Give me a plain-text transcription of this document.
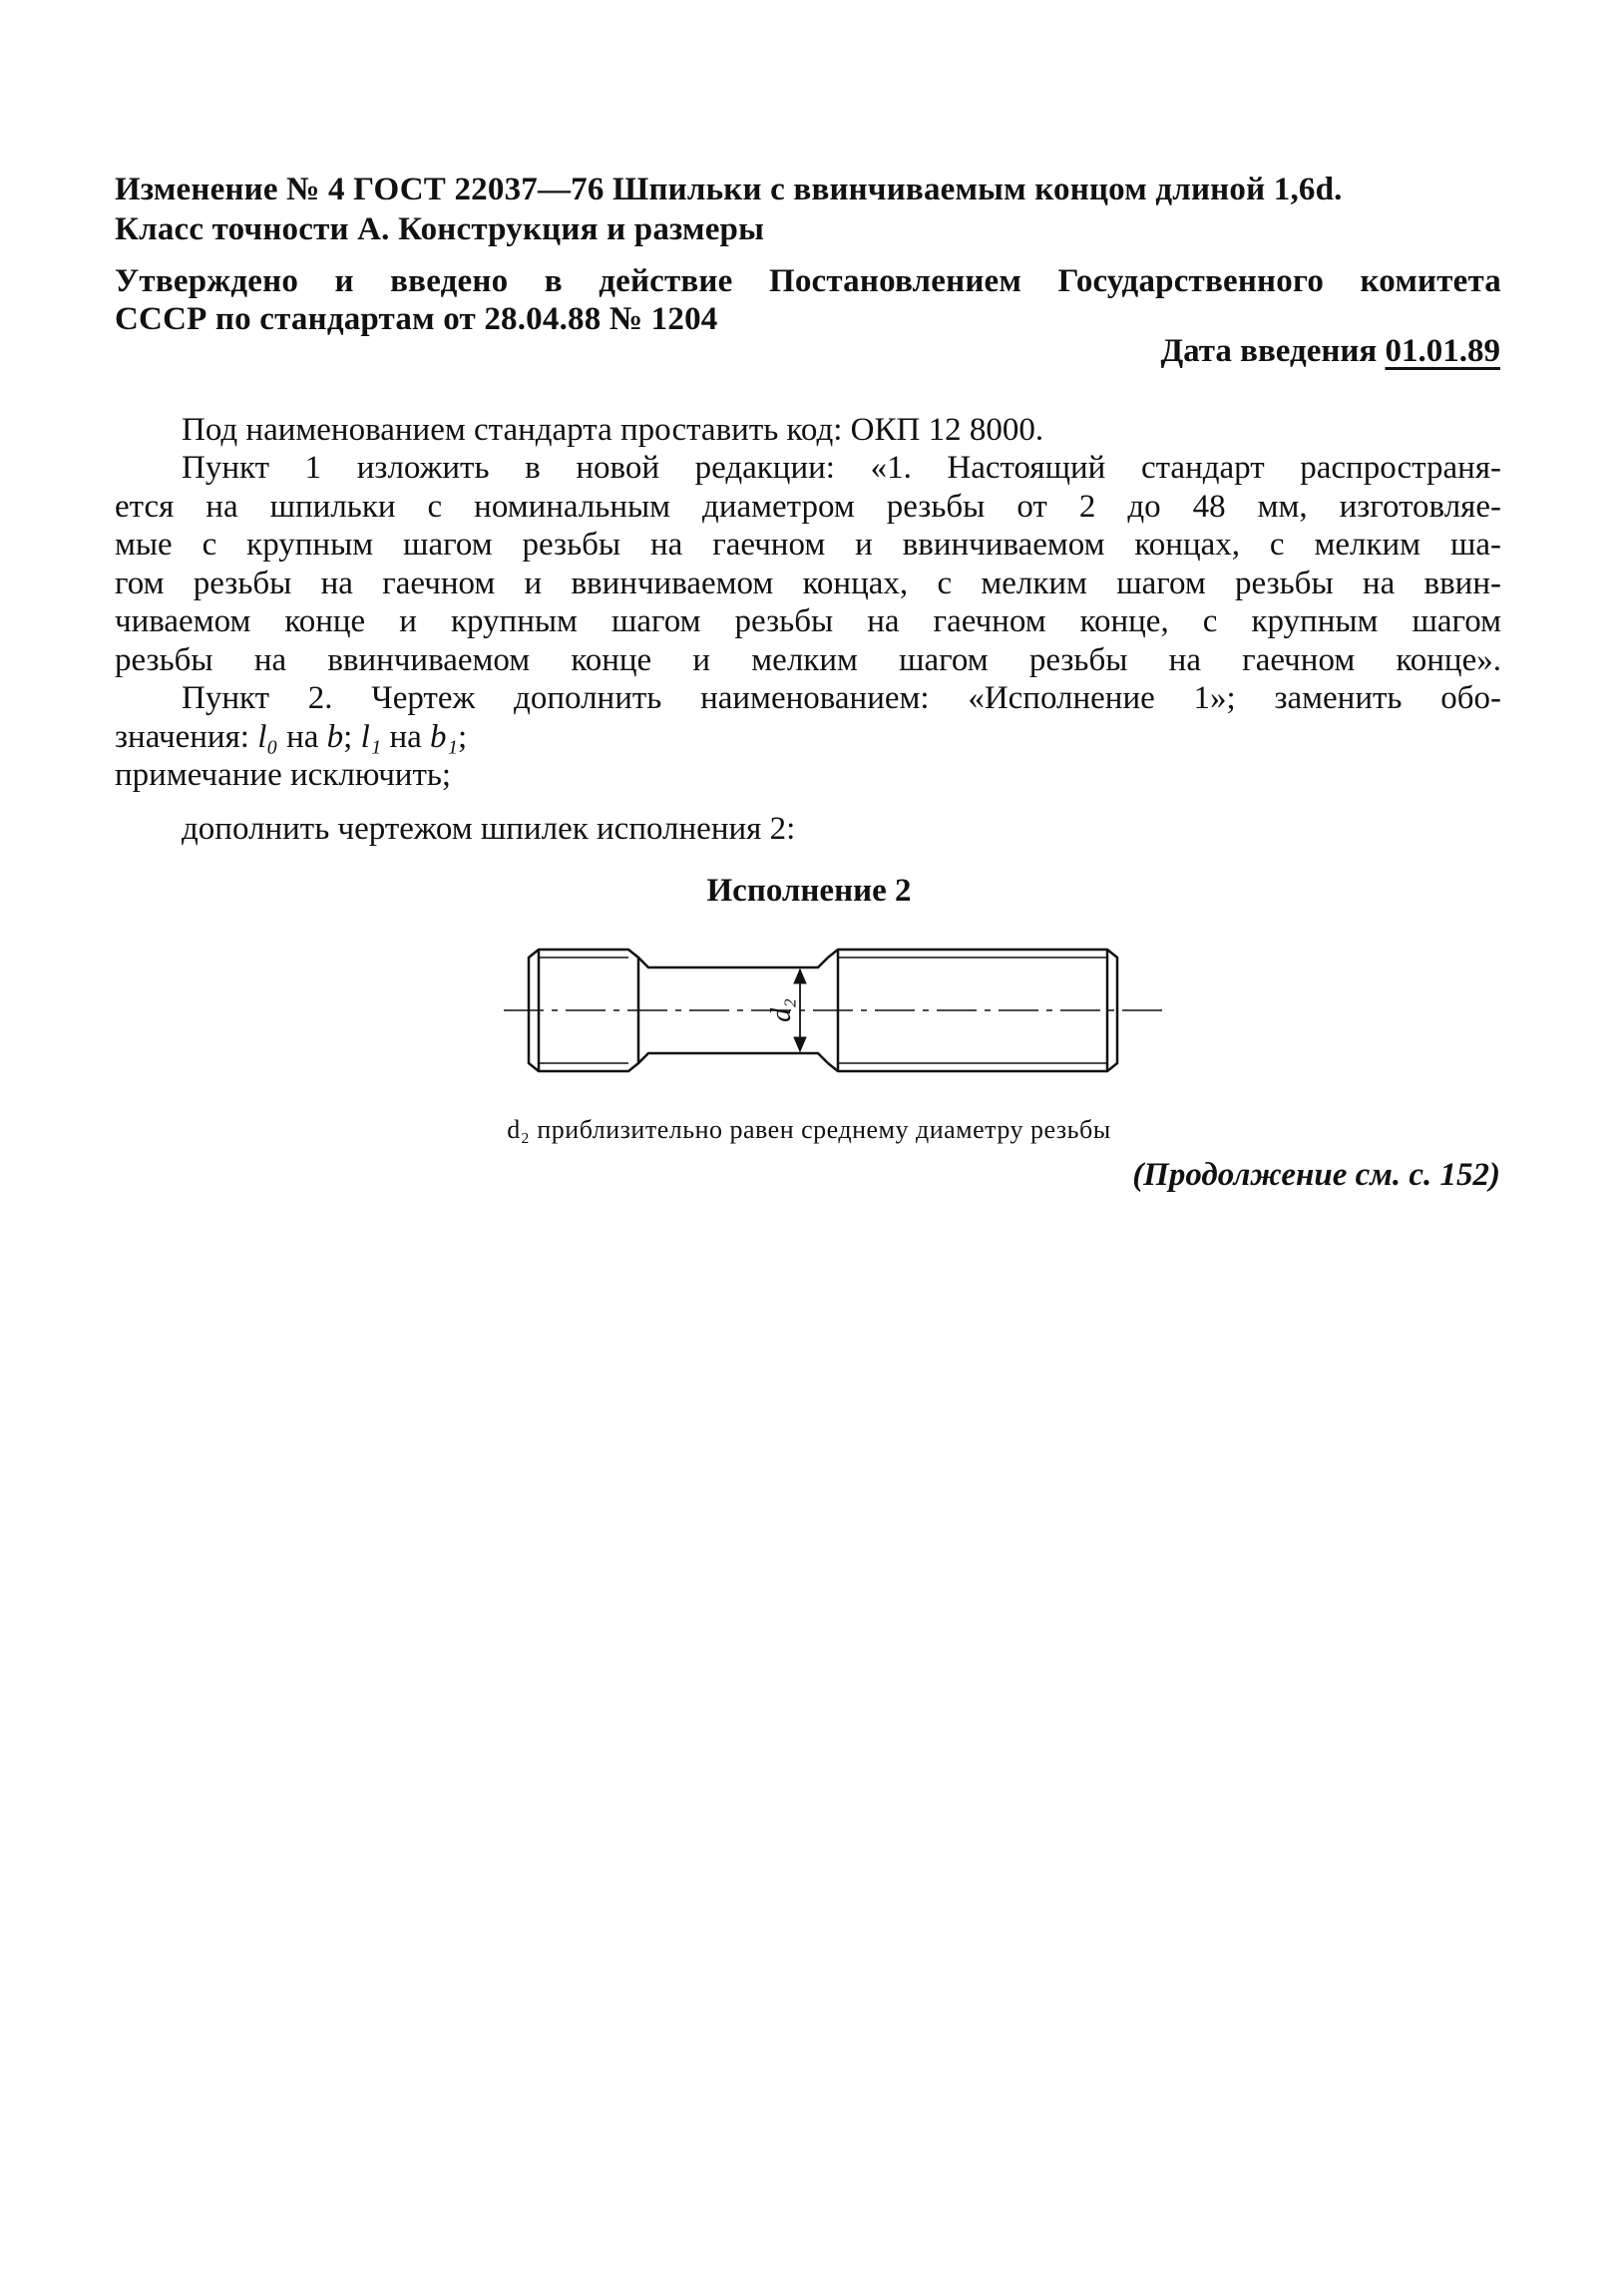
Изменение № 4 ГОСТ 22037—76 Шпильки с ввинчиваемым концом длиной 1,6d.
Класс точности А. Конструкция и размеры
Утверждено и введено в действие Постановлением Государственного комитета
СССР по стандартам от 28.04.88 № 1204
Дата введения 01.01.89
Под наименованием стандарта проставить код: ОКП 12 8000.
Пункт 1 изложить в новой редакции: «1. Настоящий стандарт распространя-
ется на шпильки с номинальным диаметром резьбы от 2 до 48 мм, изготовляе-
мые с крупным шагом резьбы на гаечном и ввинчиваемом концах, с мелким ша-
гом резьбы на гаечном и ввинчиваемом концах, с мелким шагом резьбы на ввин-
чиваемом конце и крупным шагом резьбы на гаечном конце, с крупным шагом
резьбы на ввинчиваемом конце и мелким шагом резьбы на гаечном конце».
Пункт 2. Чертеж дополнить наименованием: «Исполнение 1»; заменить обо-
значения: l₀ на b; l₁ на b₁;
примечание исключить;
дополнить чертежом шпилек исполнения 2:
Исполнение 2
d₂
d₂ приблизительно равен среднему диаметру резьбы
(Продолжение см. с. 152)
